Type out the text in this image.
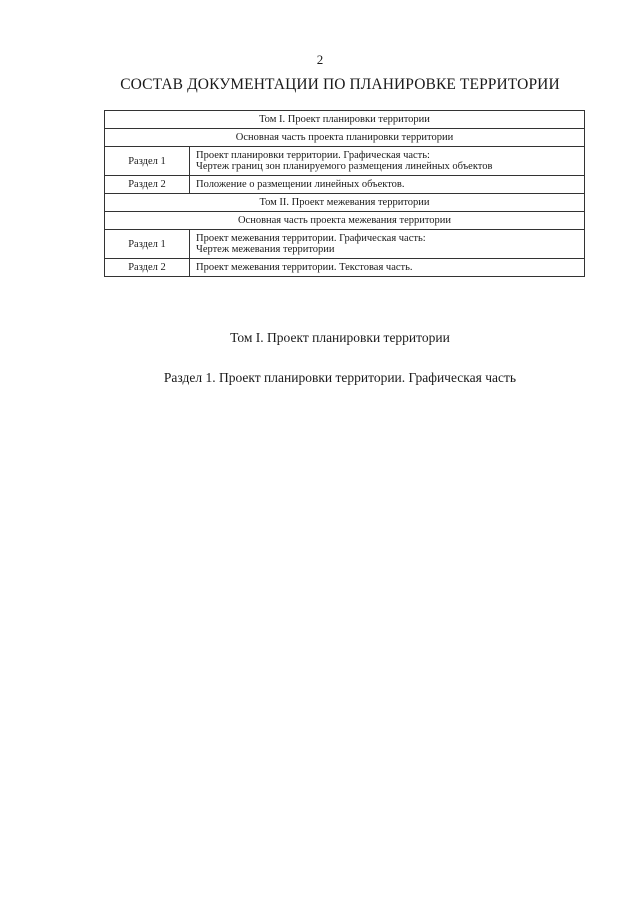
2
СОСТАВ ДОКУМЕНТАЦИИ ПО ПЛАНИРОВКЕ ТЕРРИТОРИИ
Том I. Проект планировки территории	
Основная часть проекта планировки территории	
Раздел 1	Проект планировки территории. Графическая часть:
Чертеж границ зон планируемого размещения линейных объектов

Раздел 2	Положение о размещении линейных объектов.

Том II. Проект межевания территории	
Основная часть проекта межевания территории	
Раздел 1	Проект межевания территории. Графическая часть:
Чертеж межевания территории

Раздел 2	Проект межевания территории. Текстовая часть.
Том I. Проект планировки территории
Раздел 1. Проект планировки территории. Графическая часть
